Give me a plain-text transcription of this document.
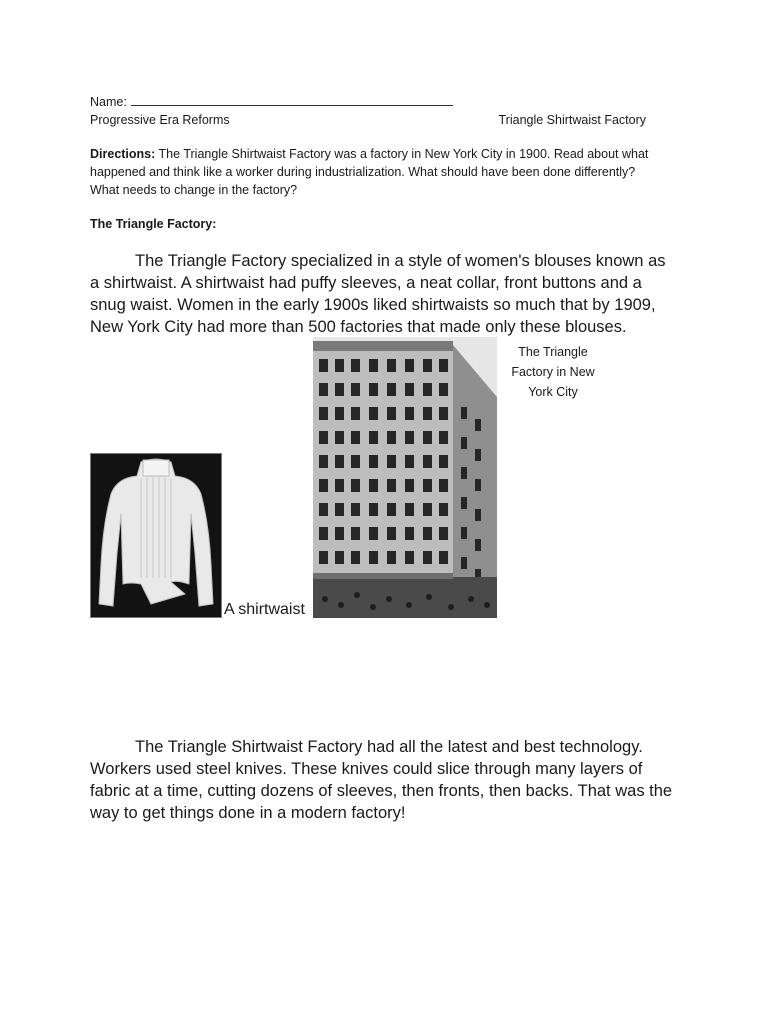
Name:
Progressive Era Reforms	Triangle Shirtwaist Factory
Directions: The Triangle Shirtwaist Factory was a factory in New York City in 1900. Read about what happened and think like a worker during industrialization. What should have been done differently? What needs to change in the factory?
The Triangle Factory:
The Triangle Factory specialized in a style of women's blouses known as a shirtwaist. A shirtwaist had puffy sleeves, a neat collar, front buttons and a snug waist. Women in the early 1900s liked shirtwaists so much that by 1909, New York City had more than 500 factories that made only these blouses.
The Triangle Factory in New York City
A shirtwaist
The Triangle Shirtwaist Factory had all the latest and best technology. Workers used steel knives. These knives could slice through many layers of fabric at a time, cutting dozens of sleeves, then fronts, then backs. That was the way to get things done in a modern factory!
